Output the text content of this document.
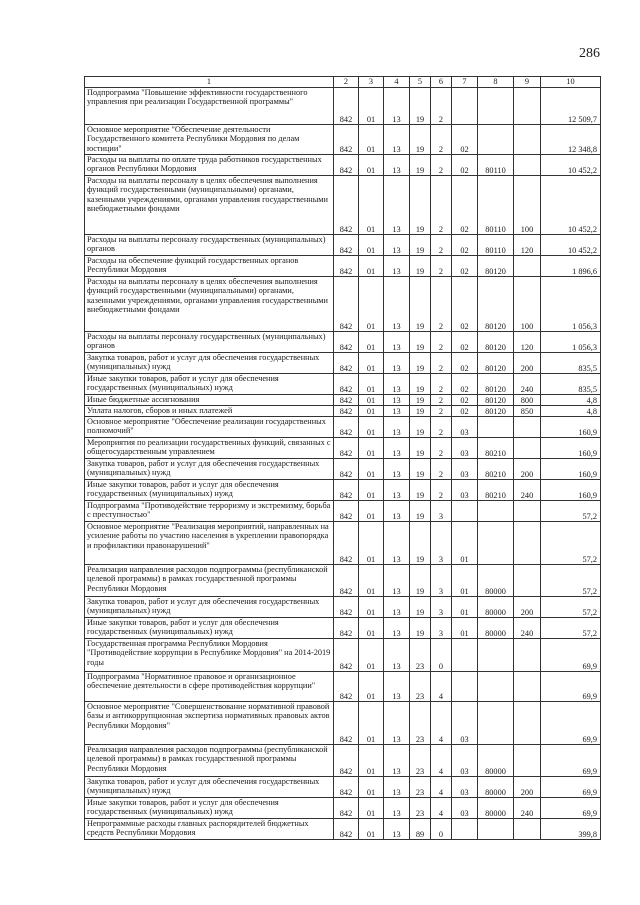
286
1	2	3	4	5	6	7	8	9	10

Подпрограмма "Повышение эффективности государственного управления при реализации Государственной программы"	842	01	13	19	2				12 509,7

Основное мероприятие "Обеспечение деятельности Государственного комитета Республики Мордовия по делам юстиции"	842	01	13	19	2	02			12 348,8

Расходы на выплаты по оплате труда работников государственных органов Республики Мордовия	842	01	13	19	2	02	80110		10 452,2

Расходы на выплаты персоналу в целях обеспечения выполнения функций государственными (муниципальными) органами, казенными учреждениями, органами управления государственными внебюджетными фондами	842	01	13	19	2	02	80110	100	10 452,2

Расходы на выплаты персоналу государственных (муниципальных) органов	842	01	13	19	2	02	80110	120	10 452,2

Расходы на обеспечение функций государственных органов Республики Мордовия	842	01	13	19	2	02	80120		1 896,6

Расходы на выплаты персоналу в целях обеспечения выполнения функций государственными (муниципальными) органами, казенными учреждениями, органами управления государственными внебюджетными фондами	842	01	13	19	2	02	80120	100	1 056,3

Расходы на выплаты персоналу государственных (муниципальных) органов	842	01	13	19	2	02	80120	120	1 056,3

Закупка товаров, работ и услуг для обеспечения государственных (муниципальных) нужд	842	01	13	19	2	02	80120	200	835,5

Иные закупки товаров, работ и услуг для обеспечения государственных (муниципальных) нужд	842	01	13	19	2	02	80120	240	835,5

Иные бюджетные ассигнования	842	01	13	19	2	02	80120	800	4,8

Уплата налогов, сборов и иных платежей	842	01	13	19	2	02	80120	850	4,8

Основное мероприятие "Обеспечение реализации государственных полномочий"	842	01	13	19	2	03			160,9

Мероприятия по реализации государственных функций, связанных с общегосударственным управлением	842	01	13	19	2	03	80210		160,9

Закупка товаров, работ и услуг для обеспечения государственных (муниципальных) нужд	842	01	13	19	2	03	80210	200	160,9

Иные закупки товаров, работ и услуг для обеспечения государственных (муниципальных) нужд	842	01	13	19	2	03	80210	240	160,9

Подпрограмма "Противодействие терроризму и экстремизму, борьба с преступностью"	842	01	13	19	3				57,2

Основное мероприятие "Реализация мероприятий, направленных на усиление работы по участию населения в укреплении правопорядка и профилактики правонарушений"	842	01	13	19	3	01			57,2

Реализация направления расходов подпрограммы (республиканской целевой программы) в рамках государственной программы Республики Мордовия	842	01	13	19	3	01	80000		57,2

Закупка товаров, работ и услуг для обеспечения государственных (муниципальных) нужд	842	01	13	19	3	01	80000	200	57,2

Иные закупки товаров, работ и услуг для обеспечения государственных (муниципальных) нужд	842	01	13	19	3	01	80000	240	57,2

Государственная программа Республики Мордовия "Противодействие коррупции в Республике Мордовия" на 2014-2019 годы	842	01	13	23	0				69,9

Подпрограмма "Нормативное правовое и организационное обеспечение деятельности в сфере противодействия коррупции"	842	01	13	23	4				69,9

Основное мероприятие "Совершенствование нормативной правовой базы и антикоррупционная экспертиза нормативных правовых актов Республики Мордовия"	842	01	13	23	4	03			69,9

Реализация направления расходов подпрограммы (республиканской целевой программы) в рамках государственной программы Республики Мордовия	842	01	13	23	4	03	80000		69,9

Закупка товаров, работ и услуг для обеспечения государственных (муниципальных) нужд	842	01	13	23	4	03	80000	200	69,9

Иные закупки товаров, работ и услуг для обеспечения государственных (муниципальных) нужд	842	01	13	23	4	03	80000	240	69,9

Непрограммные расходы главных распорядителей бюджетных средств Республики Мордовия	842	01	13	89	0				399,8
